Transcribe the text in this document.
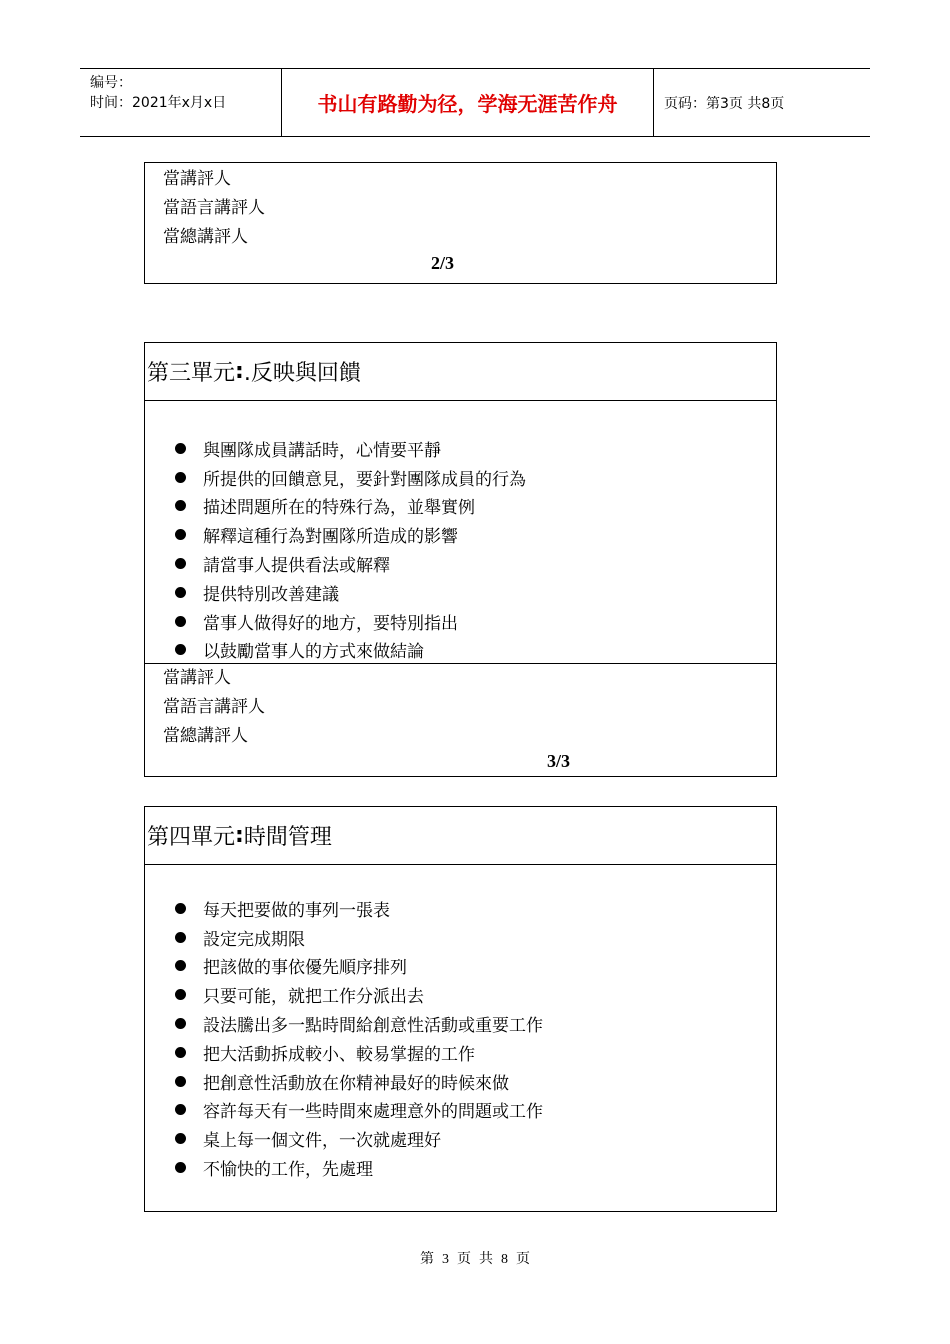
编号：
时间：2021年x月x日	书山有路勤为径，学海无涯苦作舟	页码：第3页 共8页
當講評人
當語言講評人
當總講評人
2/3
第三單元 : .反映與回饋
與團隊成員講話時，心情要平靜
所提供的回饋意見，要針對團隊成員的行為
描述問題所在的特殊行為，並舉實例
解釋這種行為對團隊所造成的影響
請當事人提供看法或解釋
提供特別改善建議
當事人做得好的地方，要特別指出
以鼓勵當事人的方式來做結論
當講評人
當語言講評人
當總講評人
3/3
第四單元 : 時間管理
每天把要做的事列一張表
設定完成期限
把該做的事依優先順序排列
只要可能，就把工作分派出去
設法騰出多一點時間給創意性活動或重要工作
把大活動拆成較小、較易掌握的工作
把創意性活動放在你精神最好的時候來做
容許每天有一些時間來處理意外的問題或工作
桌上每一個文件，一次就處理好
不愉快的工作，先處理
第 3 页 共 8 页
